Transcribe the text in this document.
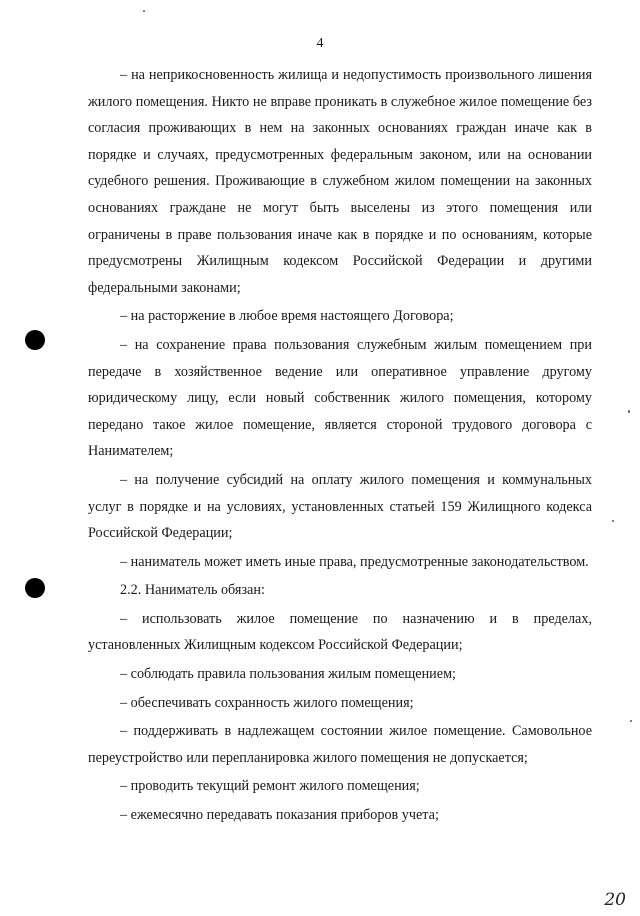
4

– на неприкосновенность жилища и недопустимость произвольного лишения жилого помещения. Никто не вправе проникать в служебное жилое помещение без согласия проживающих в нем на законных основаниях граждан иначе как в порядке и случаях, предусмотренных федеральным законом, или на основании судебного решения. Проживающие в служебном жилом помещении на законных основаниях граждане не могут быть выселены из этого помещения или ограничены в праве пользования иначе как в порядке и по основаниям, которые предусмотрены Жилищным кодексом Российской Федерации и другими федеральными законами;

– на расторжение в любое время настоящего Договора;

– на сохранение права пользования служебным жилым помещением при передаче в хозяйственное ведение или оперативное управление другому юридическому лицу, если новый собственник жилого помещения, которому передано такое жилое помещение, является стороной трудового договора с Нанимателем;

– на получение субсидий на оплату жилого помещения и коммунальных услуг в порядке и на условиях, установленных статьей 159 Жилищного кодекса Российской Федерации;

– наниматель может иметь иные права, предусмотренные законодательством.

2.2. Наниматель обязан:

– использовать жилое помещение по назначению и в пределах, установленных Жилищным кодексом Российской Федерации;

– соблюдать правила пользования жилым помещением;

– обеспечивать сохранность жилого помещения;

– поддерживать в надлежащем состоянии жилое помещение. Самовольное переустройство или перепланировка жилого помещения не допускается;

– проводить текущий ремонт жилого помещения;

– ежемесячно передавать показания приборов учета;

20
